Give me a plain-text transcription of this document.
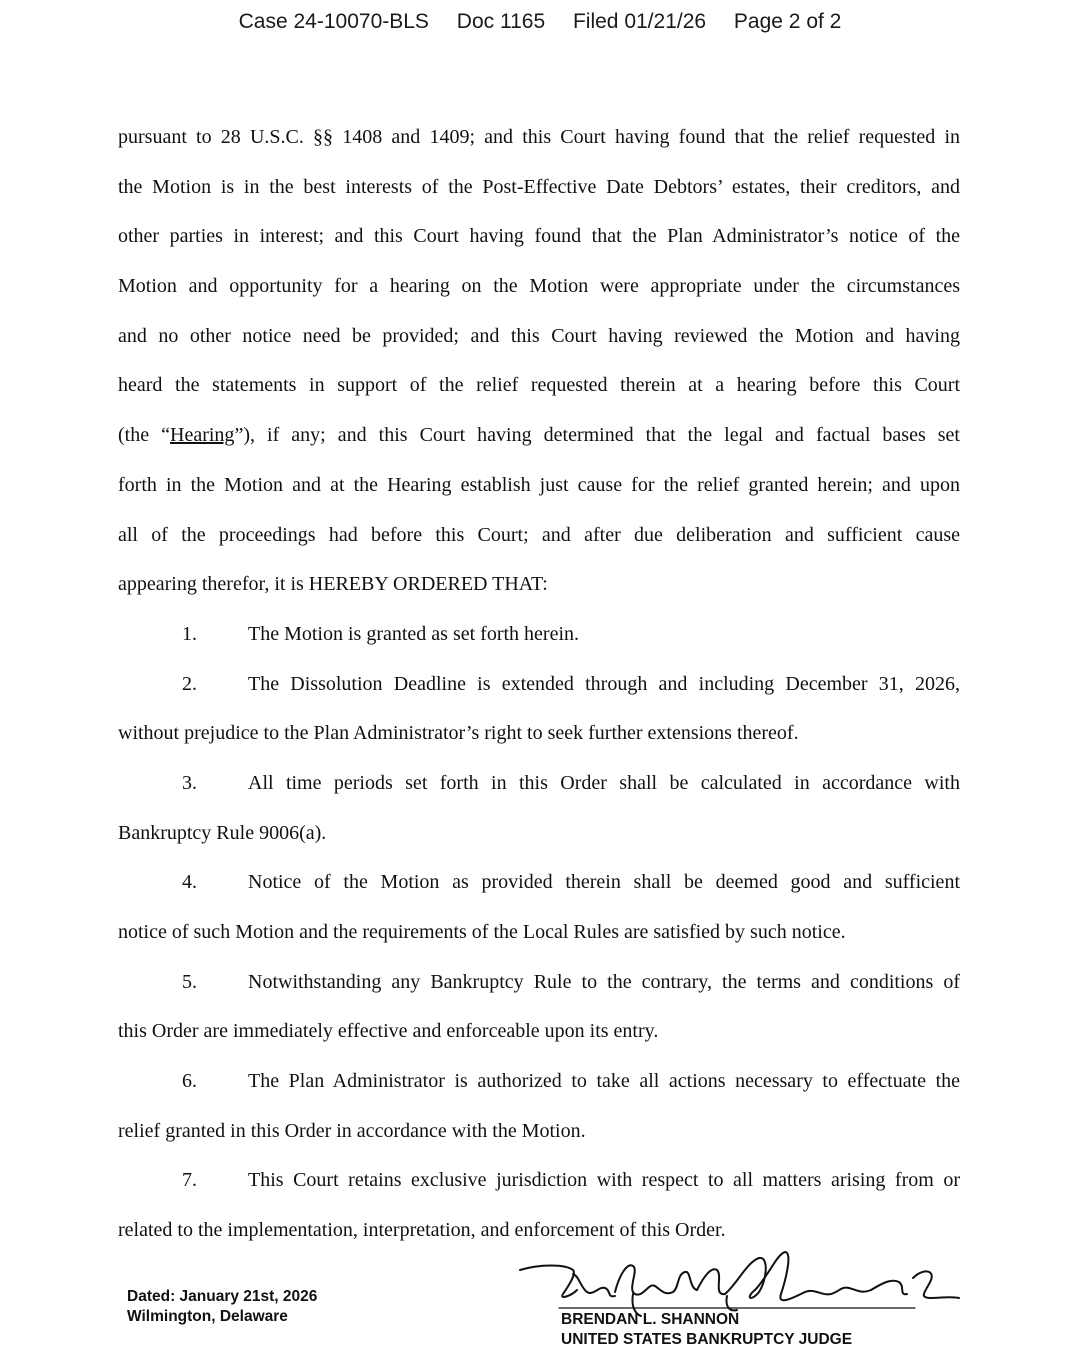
Case 24-10070-BLS Doc 1165 Filed 01/21/26 Page 2 of 2
pursuant to 28 U.S.C. §§ 1408 and 1409; and this Court having found that the relief requested in
the Motion is in the best interests of the Post-Effective Date Debtors’ estates, their creditors, and
other parties in interest; and this Court having found that the Plan Administrator’s notice of the
Motion and opportunity for a hearing on the Motion were appropriate under the circumstances
and no other notice need be provided; and this Court having reviewed the Motion and having
heard the statements in support of the relief requested therein at a hearing before this Court
(the “Hearing”), if any; and this Court having determined that the legal and factual bases set
forth in the Motion and at the Hearing establish just cause for the relief granted herein; and upon
all of the proceedings had before this Court; and after due deliberation and sufficient cause
appearing therefor, it is HEREBY ORDERED THAT:
1.	The Motion is granted as set forth herein.
2.	The Dissolution Deadline is extended through and including December 31, 2026,
without prejudice to the Plan Administrator’s right to seek further extensions thereof.
3.	All time periods set forth in this Order shall be calculated in accordance with
Bankruptcy Rule 9006(a).
4.	Notice of the Motion as provided therein shall be deemed good and sufficient
notice of such Motion and the requirements of the Local Rules are satisfied by such notice.
5.	Notwithstanding any Bankruptcy Rule to the contrary, the terms and conditions of
this Order are immediately effective and enforceable upon its entry.
6.	The Plan Administrator is authorized to take all actions necessary to effectuate the
relief granted in this Order in accordance with the Motion.
7.	This Court retains exclusive jurisdiction with respect to all matters arising from or
related to the implementation, interpretation, and enforcement of this Order.
Dated: January 21st, 2026
Wilmington, Delaware	BRENDAN L. SHANNON
UNITED STATES BANKRUPTCY JUDGE
